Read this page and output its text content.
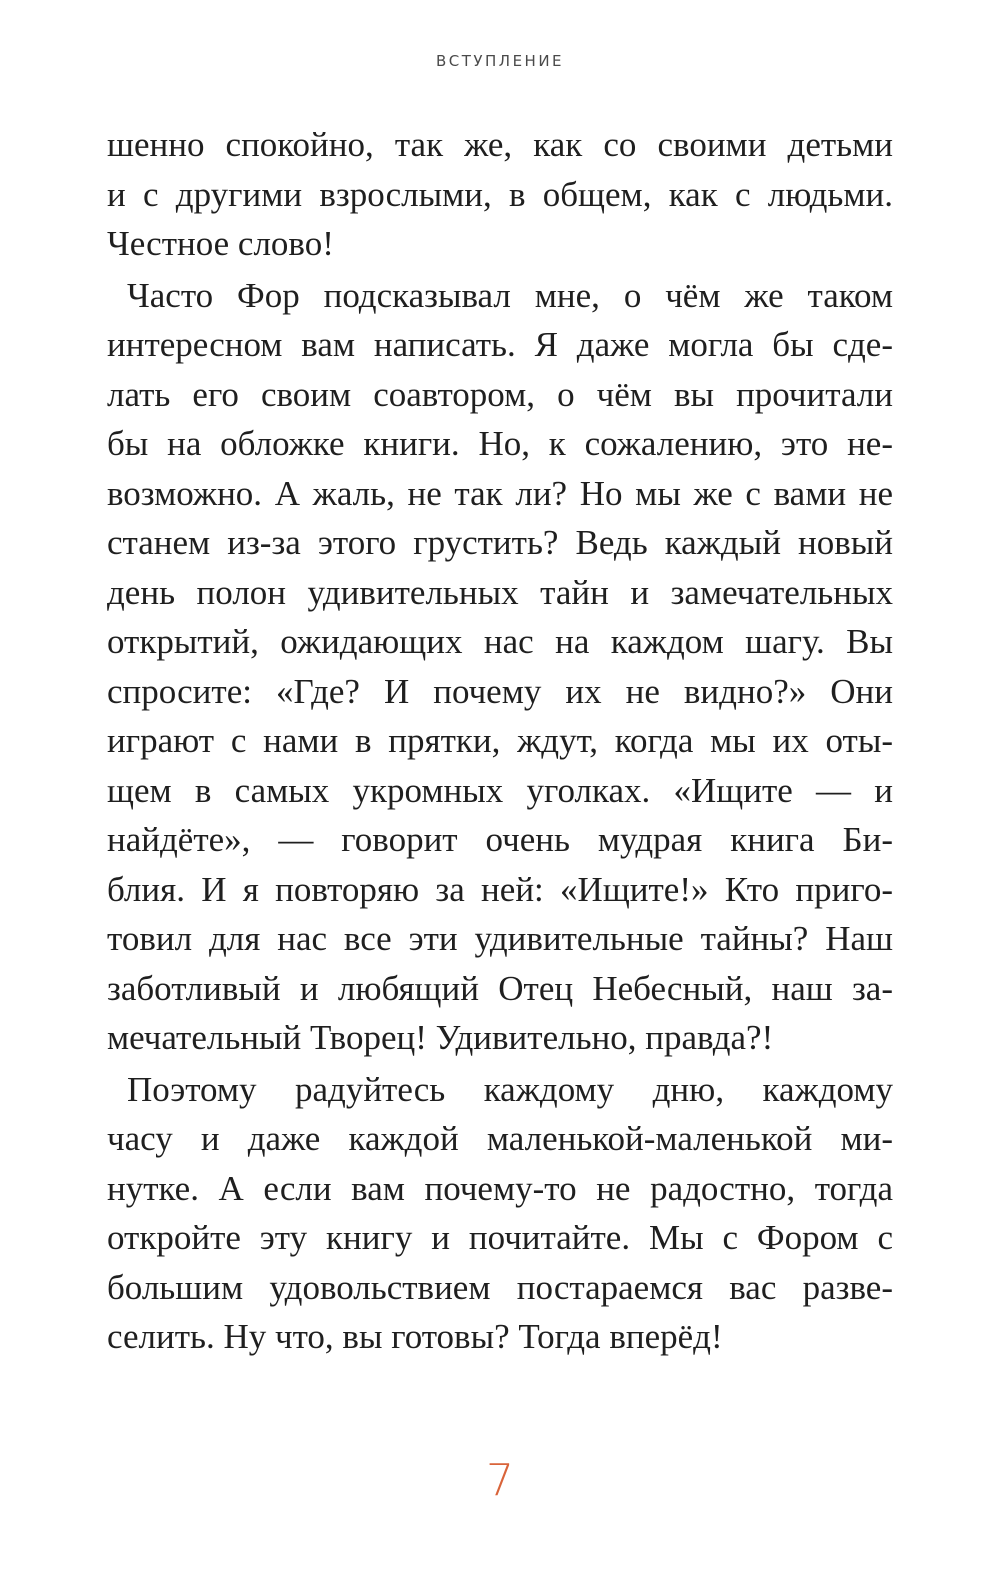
ВСТУПЛЕНИЕ
шенно спокойно, так же, как со своими детьми
и с другими взрослыми, в общем, как с людьми.
Честное слово!
Часто Фор подсказывал мне, о чём же таком
интересном вам написать. Я даже могла бы сде-
лать его своим соавтором, о чём вы прочитали
бы на обложке книги. Но, к сожалению, это не-
возможно. А жаль, не так ли? Но мы же с вами не
станем из-за этого грустить? Ведь каждый новый
день полон удивительных тайн и замечательных
открытий, ожидающих нас на каждом шагу. Вы
спросите: «Где? И почему их не видно?» Они
играют с нами в прятки, ждут, когда мы их оты-
щем в самых укромных уголках. «Ищите — и
найдёте», — говорит очень мудрая книга Би-
блия. И я повторяю за ней: «Ищите!» Кто приго-
товил для нас все эти удивительные тайны? Наш
заботливый и любящий Отец Небесный, наш за-
мечательный Творец! Удивительно, правда?!
Поэтому радуйтесь каждому дню, каждому
часу и даже каждой маленькой-маленькой ми-
нутке. А если вам почему-то не радостно, тогда
откройте эту книгу и почитайте. Мы с Фором с
большим удовольствием постараемся вас разве-
селить. Ну что, вы готовы? Тогда вперёд!
7
